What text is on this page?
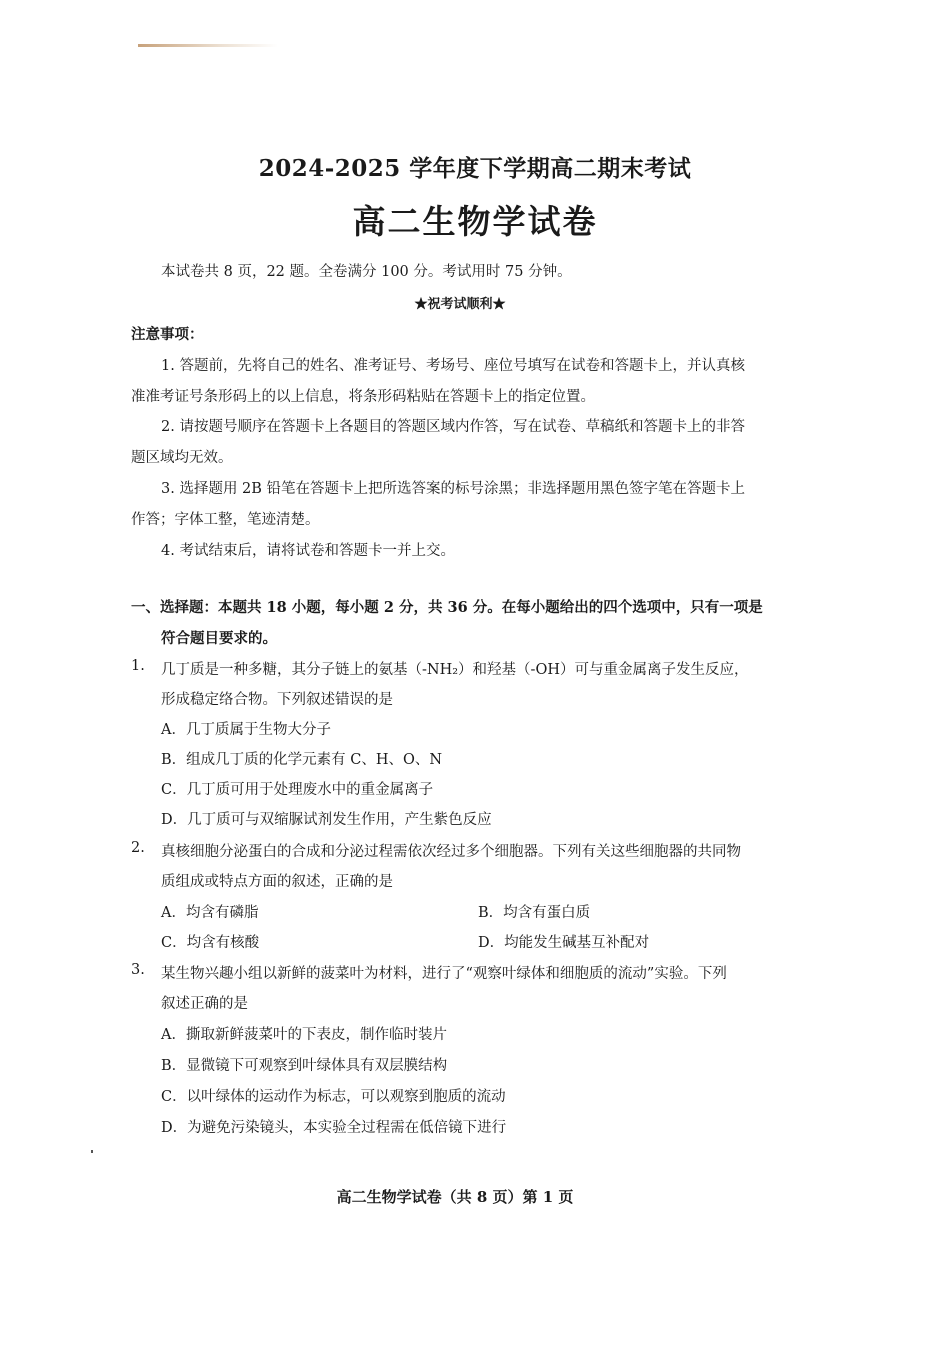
2024-2025 学年度下学期高二期末考试
高二生物学试卷
本试卷共 8 页，22 题。全卷满分 100 分。考试用时 75 分钟。
★祝考试顺利★
注意事项：
1. 答题前，先将自己的姓名、准考证号、考场号、座位号填写在试卷和答题卡上，并认真核
准准考证号条形码上的以上信息，将条形码粘贴在答题卡上的指定位置。
2. 请按题号顺序在答题卡上各题目的答题区域内作答，写在试卷、草稿纸和答题卡上的非答
题区域均无效。
3. 选择题用 2B 铅笔在答题卡上把所选答案的标号涂黑；非选择题用黑色签字笔在答题卡上
作答；字体工整，笔迹清楚。
4. 考试结束后，请将试卷和答题卡一并上交。
一、选择题：本题共 18 小题，每小题 2 分，共 36 分。在每小题给出的四个选项中，只有一项是
符合题目要求的。
1. 几丁质是一种多糖，其分子链上的氨基（-NH₂）和羟基（-OH）可与重金属离子发生反应，
形成稳定络合物。下列叙述错误的是
A．几丁质属于生物大分子
B．组成几丁质的化学元素有 C、H、O、N
C．几丁质可用于处理废水中的重金属离子
D．几丁质可与双缩脲试剂发生作用，产生紫色反应
2. 真核细胞分泌蛋白的合成和分泌过程需依次经过多个细胞器。下列有关这些细胞器的共同物
质组成或特点方面的叙述，正确的是
A．均含有磷脂	B．均含有蛋白质
C．均含有核酸	D．均能发生碱基互补配对
3. 某生物兴趣小组以新鲜的菠菜叶为材料，进行了“观察叶绿体和细胞质的流动”实验。下列
叙述正确的是
A．撕取新鲜菠菜叶的下表皮，制作临时装片
B．显微镜下可观察到叶绿体具有双层膜结构
C．以叶绿体的运动作为标志，可以观察到胞质的流动
D．为避免污染镜头，本实验全过程需在低倍镜下进行
高二生物学试卷（共 8 页）第 1 页
